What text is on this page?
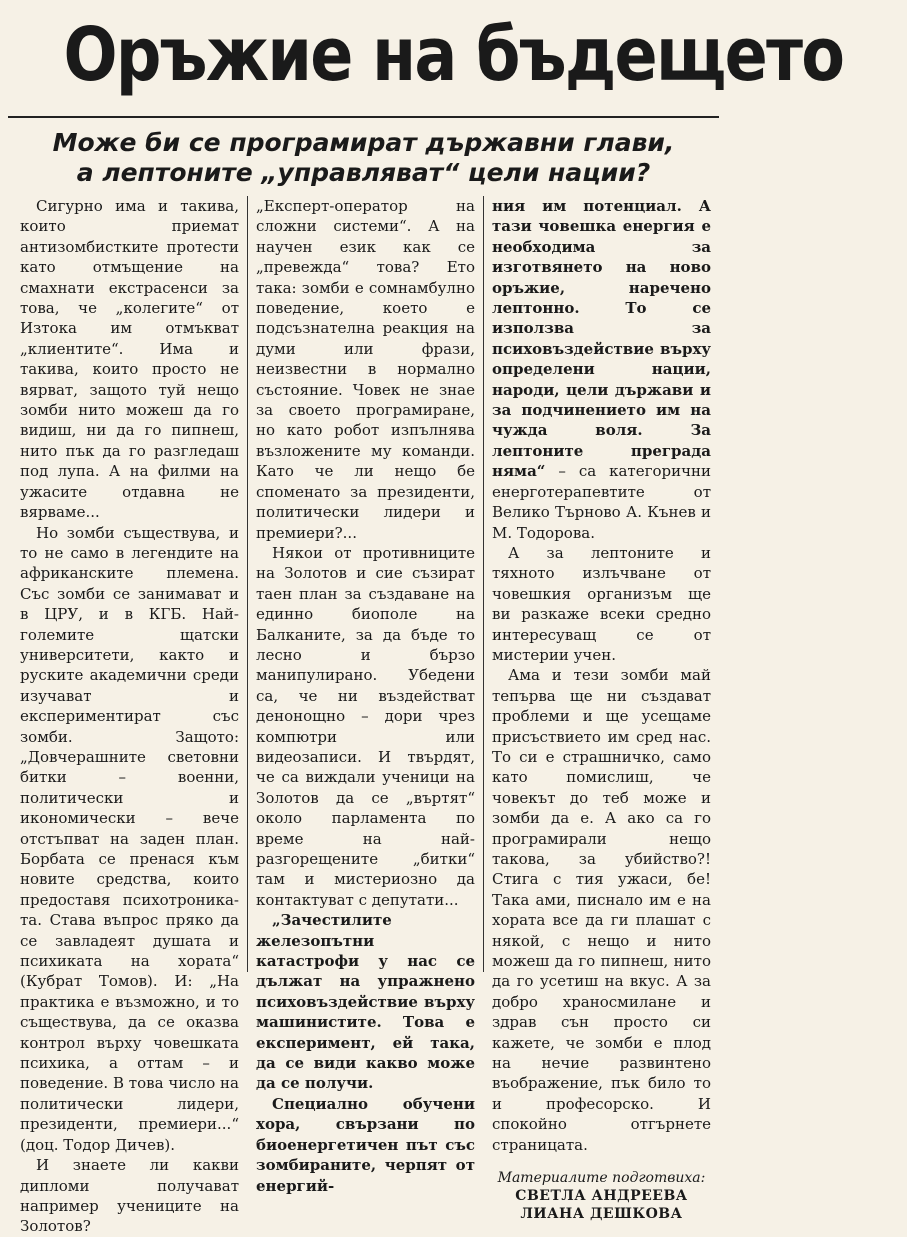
Оръжие на бъдещето
Може би се програмират държавни глави,
а лептоните „управляват“ цели нации?

Сигурно има и такива, които приемат антизомбистките протести като отмъщение на смахнати екстрасенси за това, че „колегите“ от Изтока им отмъкват „клиентите“. Има и такива, които просто не вярват, защото туй нещо зомби нито можеш да го видиш, ни да го пипнеш, нито пък да го разгледаш под лупа. А на филми на ужасите отдавна не вярваме...

Но зомби съществува, и то не само в легендите на африканските племена. Със зомби се занимават и в ЦРУ, и в КГБ. Най-големите щатски университети, както и руските академични среди изучават и експериментират със зомби. Защото: „Довчерашните световни битки – военни, политически и икономически – вече отстъпват на заден план. Борбата се пренася към новите средства, които предоставя психотроника-та. Става въпрос пряко да се завладеят душата и психиката на хората“ (Кубрат Томов). И: „На практика е възможно, и то съществува, да се оказва контрол върху човешката психика, а оттам – и поведение. В това число на политически лидери, президенти, премиери...“ (доц. Тодор Дичев).

И знаете ли какви дипломи получават например учениците на Золотов?

„Експерт-оператор на сложни системи“. А на научен език как се „превежда“ това? Ето така: зомби е сомнамбулно поведение, което е подсъзнателна реакция на думи или фрази, неизвестни в нормално състояние. Човек не знае за своето програмиране, но като робот изпълнява възложените му команди. Като че ли нещо бе споменато за президенти, политически лидери и премиери?...

Някои от противниците на Золотов и сие съзират таен план за създаване на единно биополе на Балканите, за да бъде то лесно и бързо манипулирано. Убедени са, че ни въздействат денонощно – дори чрез компютри или видеозаписи. И твърдят, че са виждали ученици на Золотов да се „въртят“ около парламента по време на най-разгорещените „битки“ там и мистериозно да контактуват с депутати...

„Зачестилите железопътни катастрофи у нас се дължат на упражнено психовъздействие върху машинистите. Това е експеримент, ей така, да се види какво може да се получи.

Специално обучени хора, свързани по биоенергетичен път със зомбираните, черпят от енергий-

ния им потенциал. А тази човешка енергия е необходима за изготвянето на ново оръжие, наречено лептонно. То се използва за психовъздействие върху определени нации, народи, цели държави и за подчинението им на чужда воля. За лептоните преграда няма“ – са категорични енерготерапевтите от Велико Търново А. Кънев и М. Тодорова.

А за лептоните и тяхното излъчване от човешкия организъм ще ви разкаже всеки средно интересуващ се от мистерии учен.

Ама и тези зомби май тепърва ще ни създават проблеми и ще усещаме присъствието им сред нас. То си е страшничко, само като помислиш, че човекът до теб може и зомби да е. А ако са го програмирали нещо такова, за убийство?! Стига с тия ужаси, бе! Така ами, писнало им е на хората все да ги плашат с някой, с нещо и нито можеш да го пипнеш, нито да го усетиш на вкус. А за добро храносмилане и здрав сън просто си кажете, че зомби е плод на нечие развинтено въображение, пък било то и професорско. И спокойно отгърнете страницата.

Материалите подготвиха:
СВЕТЛА АНДРЕЕВА
ЛИАНА ДЕШКОВА
